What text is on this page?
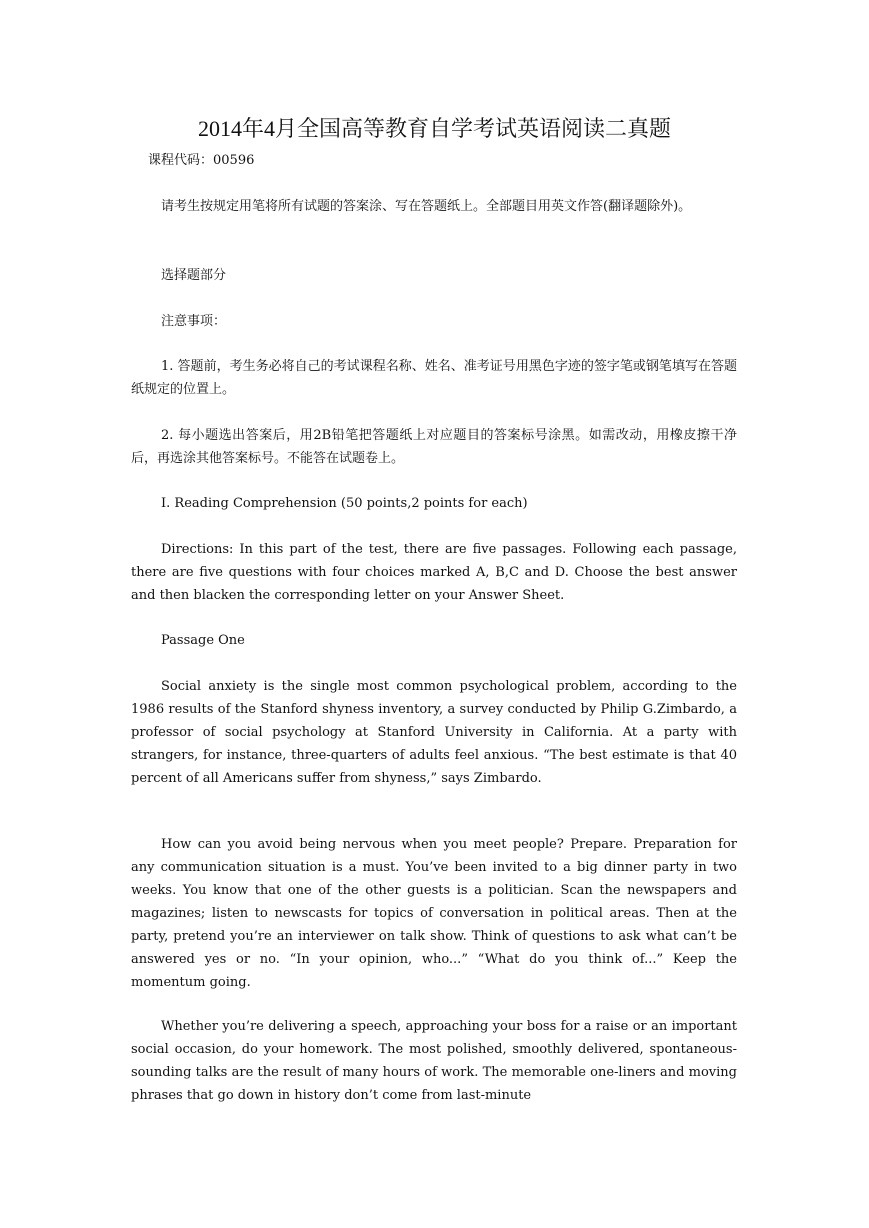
2014年4月全国高等教育自学考试英语阅读二真题
课程代码：00596

请考生按规定用笔将所有试题的答案涂、写在答题纸上。全部题目用英文作答(翻译题除外)。

选择题部分

注意事项：

1. 答题前，考生务必将自己的考试课程名称、姓名、准考证号用黑色字迹的签字笔或钢笔填写在答题纸规定的位置上。

2. 每小题选出答案后，用2B铅笔把答题纸上对应题目的答案标号涂黑。如需改动，用橡皮擦干净后，再选涂其他答案标号。不能答在试题卷上。

I. Reading Comprehension (50 points,2 points for each)

Directions: In this part of the test, there are five passages. Following each passage, there are five questions with four choices marked A, B,C and D. Choose the best answer and then blacken the corresponding letter on your Answer Sheet.

Passage One

Social anxiety is the single most common psychological problem, according to the 1986 results of the Stanford shyness inventory, a survey conducted by Philip G.Zimbardo, a professor of social psychology at Stanford University in California. At a party with strangers, for instance, three-quarters of adults feel anxious. “The best estimate is that 40 percent of all Americans suffer from shyness,” says Zimbardo.

How can you avoid being nervous when you meet people? Prepare. Preparation for any communication situation is a must. You’ve been invited to a big dinner party in two weeks. You know that one of the other guests is a politician. Scan the newspapers and magazines; listen to newscasts for topics of conversation in political areas. Then at the party, pretend you’re an interviewer on talk show. Think of questions to ask what can’t be answered yes or no. “In your opinion, who...” “What do you think of...” Keep the momentum going.

Whether you’re delivering a speech, approaching your boss for a raise or an important social occasion, do your homework. The most polished, smoothly delivered, spontaneous-sounding talks are the result of many hours of work. The memorable one-liners and moving phrases that go down in history don’t come from last-minute
